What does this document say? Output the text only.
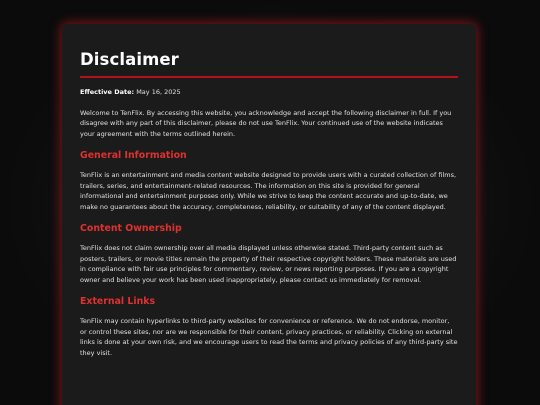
Disclaimer

Effective Date: May 16, 2025

Welcome to TenFlix. By accessing this website, you acknowledge and accept the following disclaimer in full. If you disagree with any part of this disclaimer, please do not use TenFlix. Your continued use of the website indicates your agreement with the terms outlined herein.

General Information

TenFlix is an entertainment and media content website designed to provide users with a curated collection of films, trailers, series, and entertainment-related resources. The information on this site is provided for general informational and entertainment purposes only. While we strive to keep the content accurate and up-to-date, we make no guarantees about the accuracy, completeness, reliability, or suitability of any of the content displayed.

Content Ownership

TenFlix does not claim ownership over all media displayed unless otherwise stated. Third-party content such as posters, trailers, or movie titles remain the property of their respective copyright holders. These materials are used in compliance with fair use principles for commentary, review, or news reporting purposes. If you are a copyright owner and believe your work has been used inappropriately, please contact us immediately for removal.

External Links

TenFlix may contain hyperlinks to third-party websites for convenience or reference. We do not endorse, monitor, or control these sites, nor are we responsible for their content, privacy practices, or reliability. Clicking on external links is done at your own risk, and we encourage users to read the terms and privacy policies of any third-party site they visit.
